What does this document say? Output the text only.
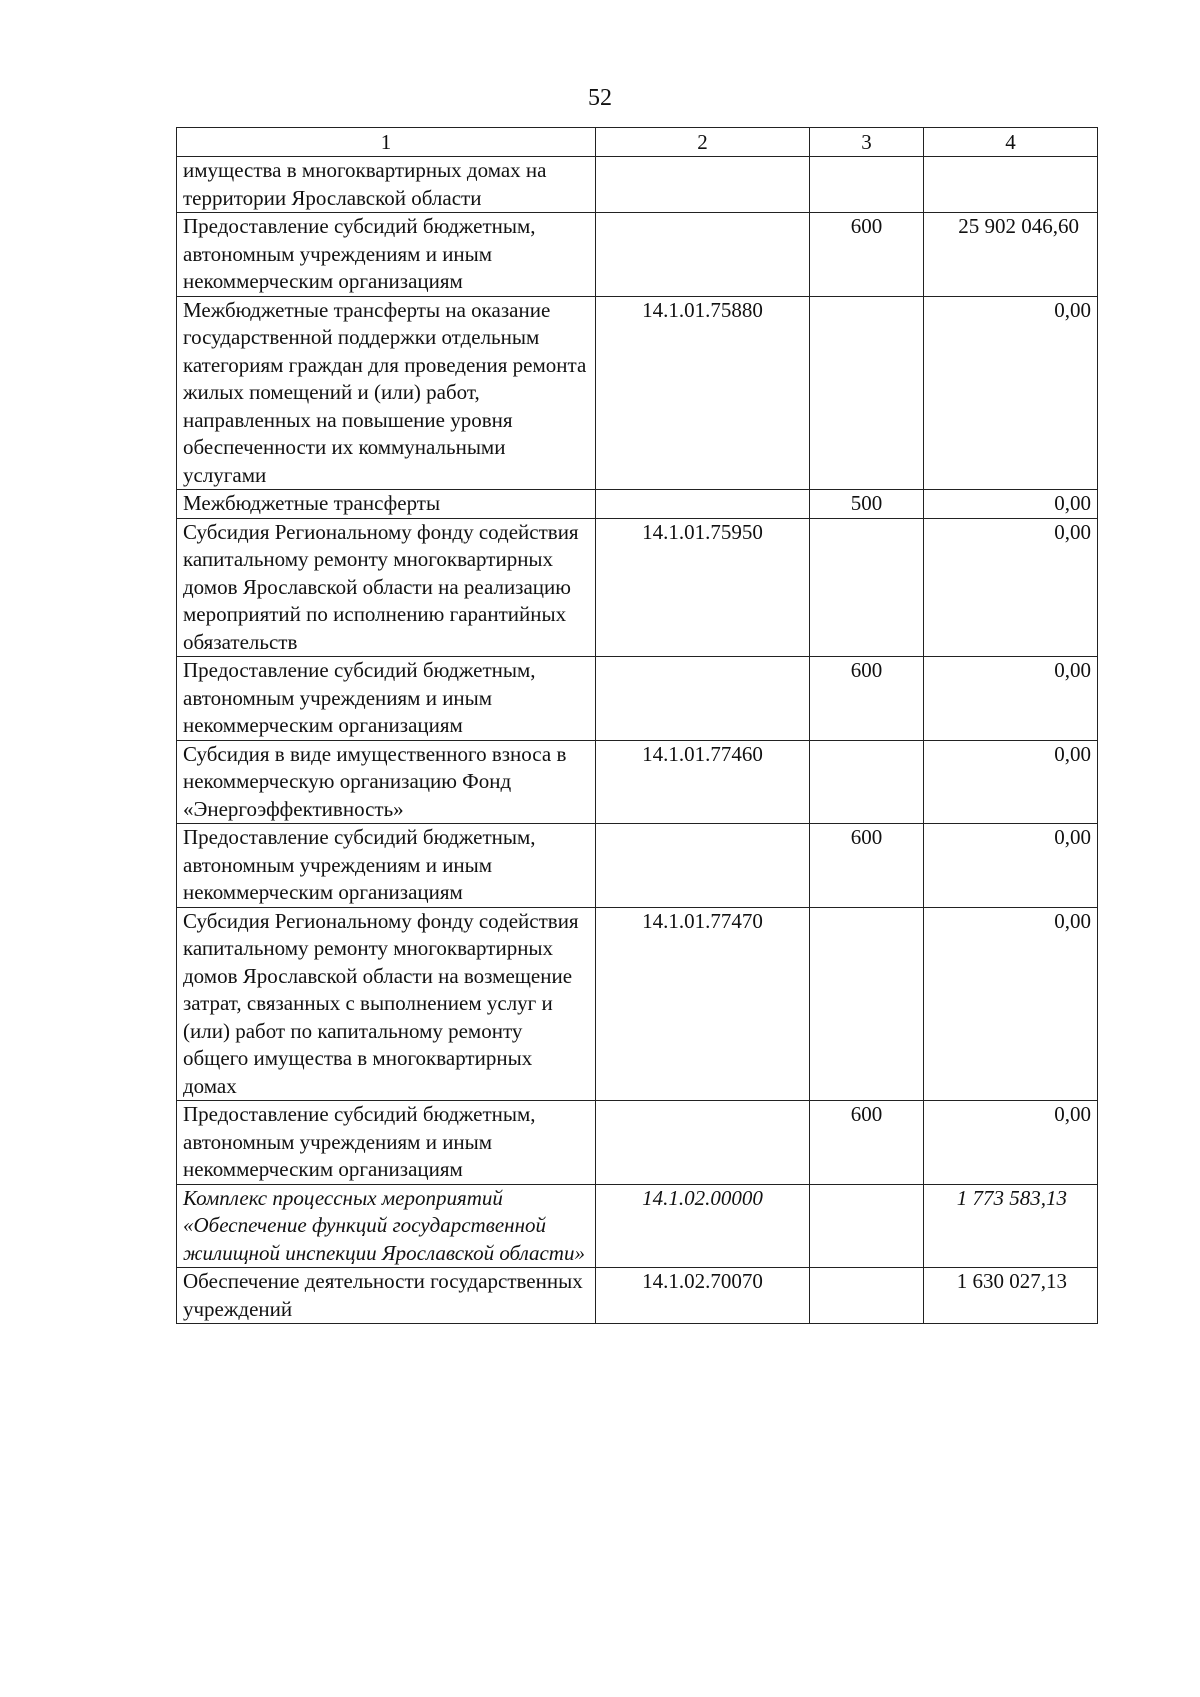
52
1	2	3	4
имущества в многоквартирных домах на территории Ярославской области			
Предоставление субсидий бюджетным, автономным учреждениям и иным некоммерческим организациям		600	25 902 046,60
Межбюджетные трансферты на оказание государственной поддержки отдельным категориям граждан для проведения ремонта жилых помещений и (или) работ, направленных на повышение уровня обеспеченности их коммунальными услугами	14.1.01.75880		0,00
Межбюджетные трансферты		500	0,00
Субсидия Региональному фонду содействия капитальному ремонту многоквартирных домов Ярославской области на реализацию мероприятий по исполнению гарантийных обязательств	14.1.01.75950		0,00
Предоставление субсидий бюджетным, автономным учреждениям и иным некоммерческим организациям		600	0,00
Субсидия в виде имущественного взноса в некоммерческую организацию Фонд «Энергоэффективность»	14.1.01.77460		0,00
Предоставление субсидий бюджетным, автономным учреждениям и иным некоммерческим организациям		600	0,00
Субсидия Региональному фонду содействия капитальному ремонту многоквартирных домов Ярославской области на возмещение затрат, связанных с выполнением услуг и (или) работ по капитальному ремонту общего имущества в многоквартирных домах	14.1.01.77470		0,00
Предоставление субсидий бюджетным, автономным учреждениям и иным некоммерческим организациям		600	0,00
Комплекс процессных мероприятий «Обеспечение функций государственной жилищной инспекции Ярославской области»	14.1.02.00000		1 773 583,13
Обеспечение деятельности государственных учреждений	14.1.02.70070		1 630 027,13
